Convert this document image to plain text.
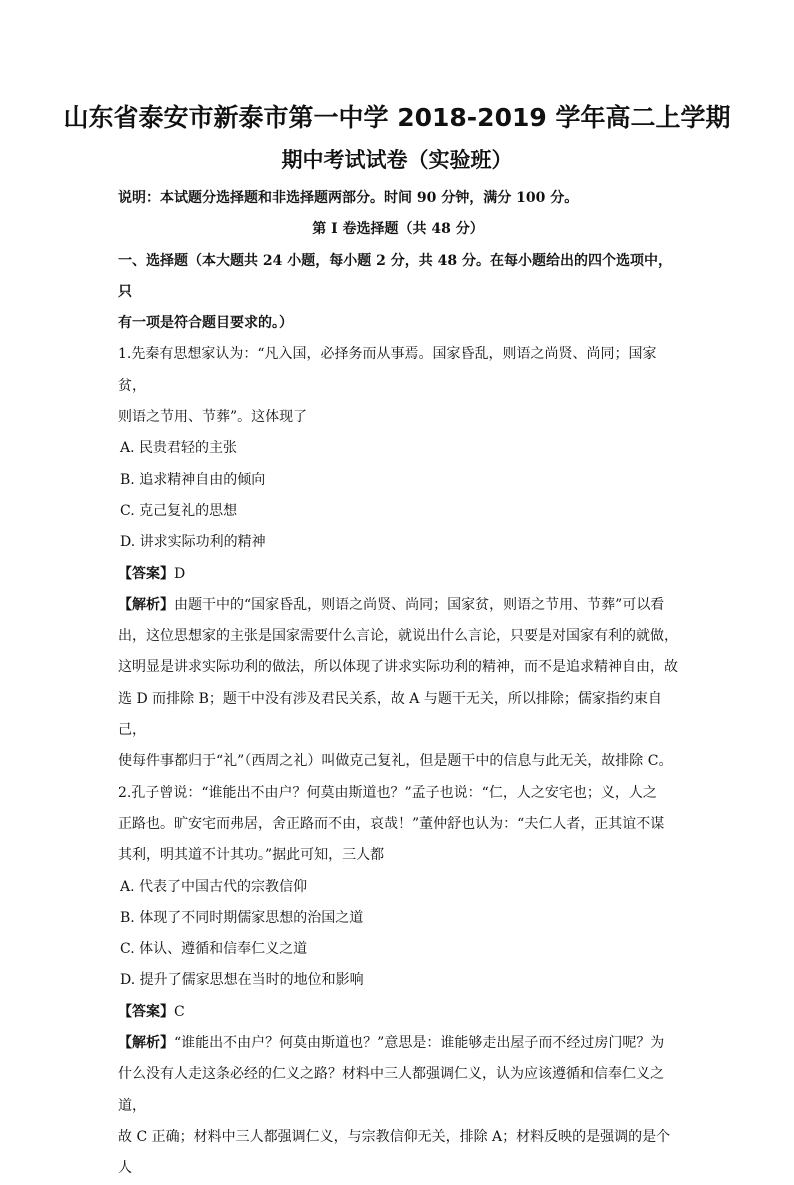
山东省泰安市新泰市第一中学 2018-2019 学年高二上学期
期中考试试卷（实验班）

说明：本试题分选择题和非选择题两部分。时间 90 分钟，满分 100 分。

第 I 卷选择题（共 48 分）

一、选择题（本大题共 24 小题，每小题 2 分，共 48 分。在每小题给出的四个选项中，只

有一项是符合题目要求的。）

1.先秦有思想家认为：“凡入国，必择务而从事焉。国家昏乱，则语之尚贤、尚同；国家贫，

则语之节用、节葬”。这体现了

A. 民贵君轻的主张

B. 追求精神自由的倾向

C. 克己复礼的思想

D. 讲求实际功利的精神

【答案】D

【解析】由题干中的“国家昏乱，则语之尚贤、尚同；国家贫，则语之节用、节葬”可以看

出，这位思想家的主张是国家需要什么言论，就说出什么言论，只要是对国家有利的就做，

这明显是讲求实际功利的做法，所以体现了讲求实际功利的精神，而不是追求精神自由，故

选 D 而排除 B；题干中没有涉及君民关系，故 A 与题干无关，所以排除；儒家指约束自己，

使每件事都归于“礼”（西周之礼）叫做克己复礼，但是题干中的信息与此无关，故排除 C。

2.孔子曾说：“谁能出不由户？何莫由斯道也？”孟子也说：“仁，人之安宅也；义，人之

正路也。旷安宅而弗居，舍正路而不由，哀哉！”董仲舒也认为：“夫仁人者，正其谊不谋

其利，明其道不计其功。”据此可知，三人都

A. 代表了中国古代的宗教信仰

B. 体现了不同时期儒家思想的治国之道

C. 体认、遵循和信奉仁义之道

D. 提升了儒家思想在当时的地位和影响

【答案】C

【解析】“谁能出不由户？何莫由斯道也？”意思是：谁能够走出屋子而不经过房门呢？为

什么没有人走这条必经的仁义之路？材料中三人都强调仁义，认为应该遵循和信奉仁义之道，

故 C 正确；材料中三人都强调仁义，与宗教信仰无关，排除 A；材料反映的是强调的是个人
